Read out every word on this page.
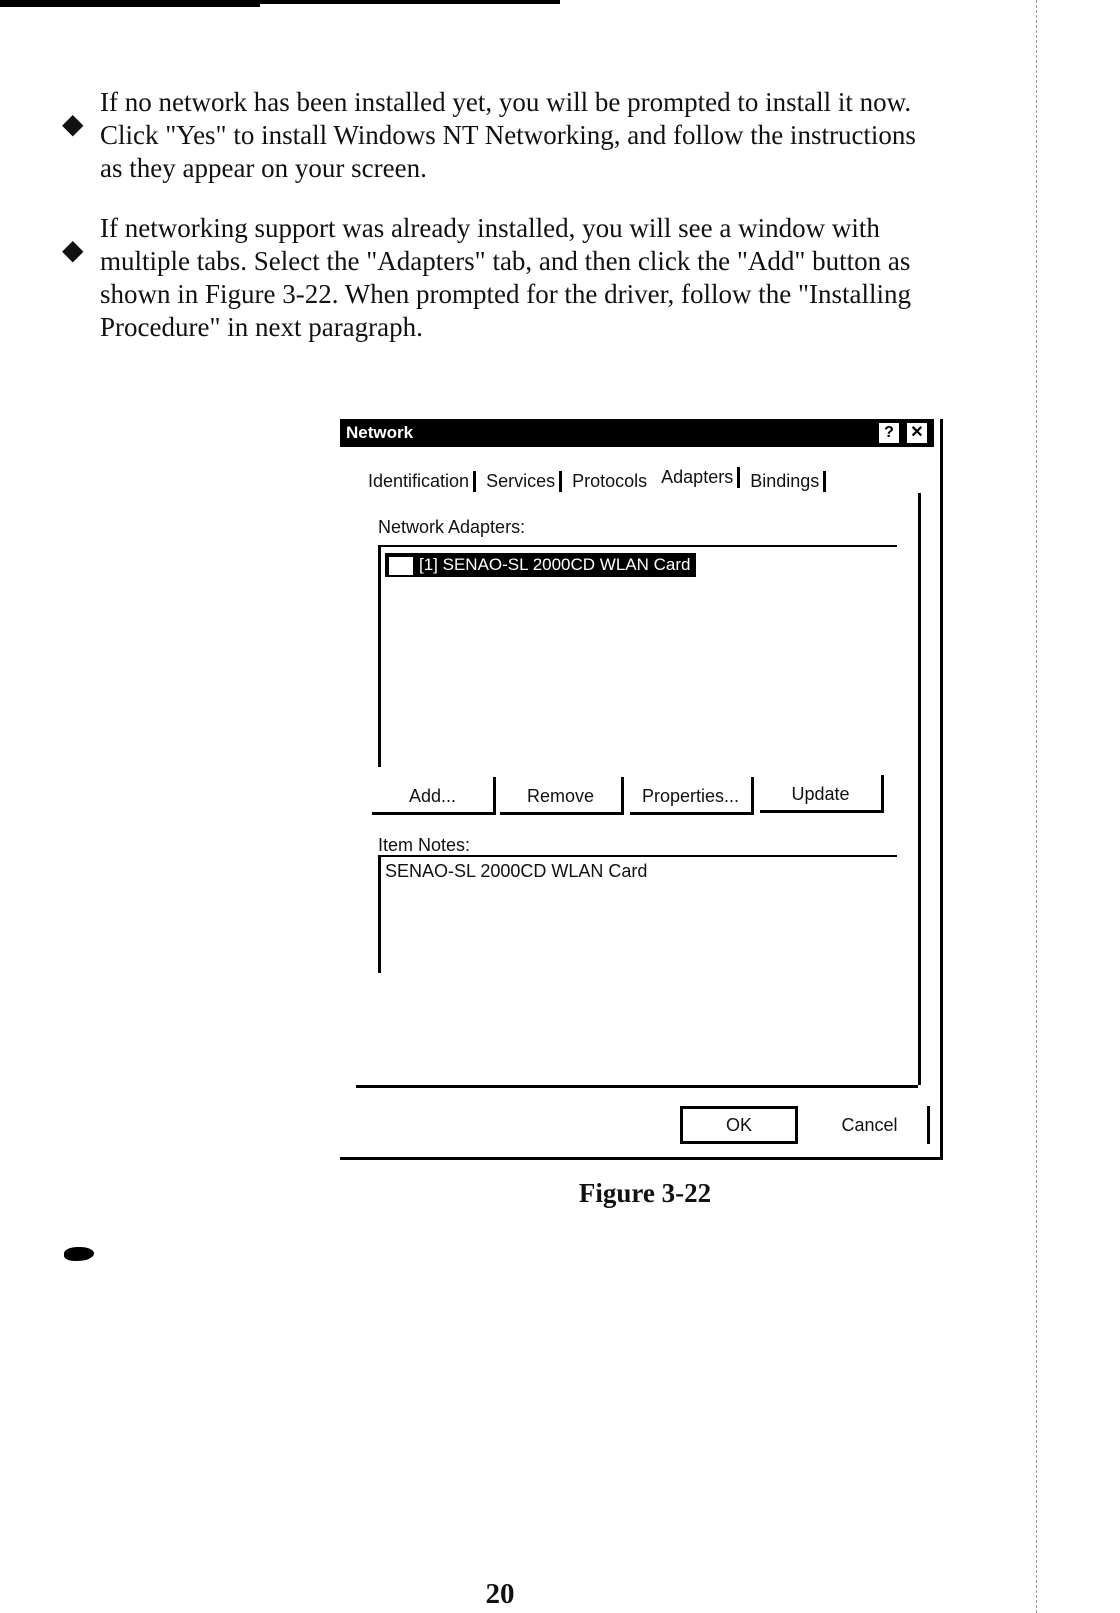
◆

If no network has been installed yet, you will be prompted to install it now. Click "Yes" to install Windows NT Networking, and follow the instructions as they appear on your screen.

◆

If networking support was already installed, you will see a window with multiple tabs. Select the "Adapters" tab, and then click the "Add" button as shown in Figure 3-22. When prompted for the driver, follow the "Installing Procedure" in next paragraph.

Network	?	✕
Identification Services Protocols Adapters Bindings
Network Adapters:
[1] SENAO-SL 2000CD WLAN Card
Add...	Remove	Properties...	Update
Item Notes:
SENAO-SL 2000CD WLAN Card
OK	Cancel
Figure 3-22
20
